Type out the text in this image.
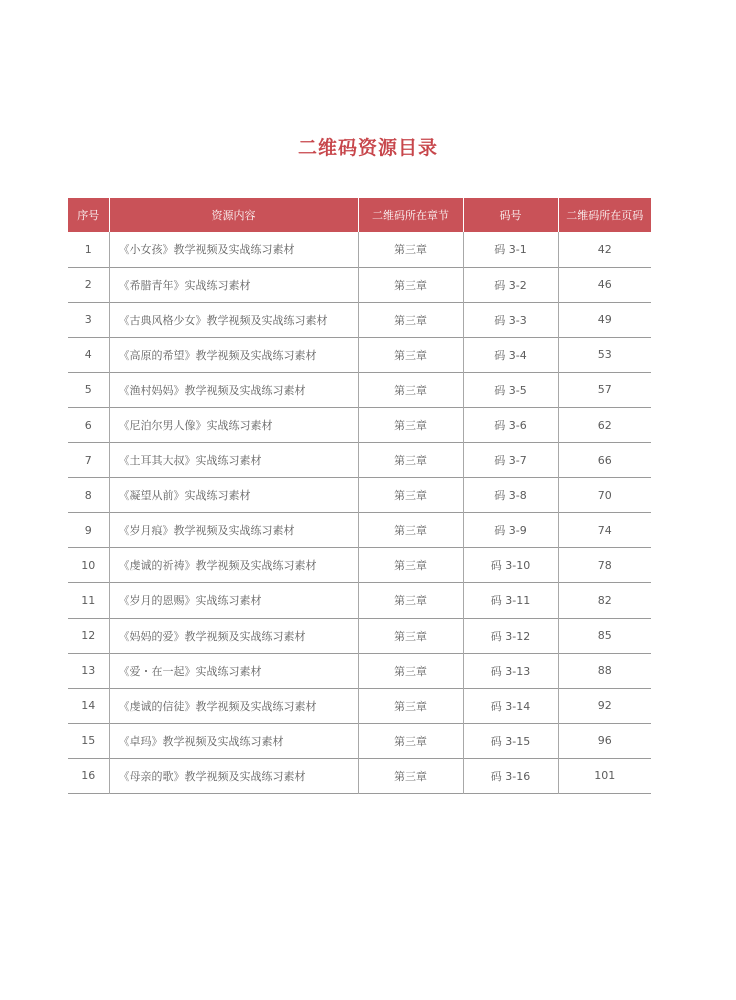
二维码资源目录
序号	资源内容	二维码所在章节	码号	二维码所在页码
1	《小女孩》教学视频及实战练习素材	第三章	码 3-1	42
2	《希腊青年》实战练习素材	第三章	码 3-2	46
3	《古典风格少女》教学视频及实战练习素材	第三章	码 3-3	49
4	《高原的希望》教学视频及实战练习素材	第三章	码 3-4	53
5	《渔村妈妈》教学视频及实战练习素材	第三章	码 3-5	57
6	《尼泊尔男人像》实战练习素材	第三章	码 3-6	62
7	《土耳其大叔》实战练习素材	第三章	码 3-7	66
8	《凝望从前》实战练习素材	第三章	码 3-8	70
9	《岁月痕》教学视频及实战练习素材	第三章	码 3-9	74
10	《虔诚的祈祷》教学视频及实战练习素材	第三章	码 3-10	78
11	《岁月的恩赐》实战练习素材	第三章	码 3-11	82
12	《妈妈的爱》教学视频及实战练习素材	第三章	码 3-12	85
13	《爱・在一起》实战练习素材	第三章	码 3-13	88
14	《虔诚的信徒》教学视频及实战练习素材	第三章	码 3-14	92
15	《卓玛》教学视频及实战练习素材	第三章	码 3-15	96
16	《母亲的歌》教学视频及实战练习素材	第三章	码 3-16	101
